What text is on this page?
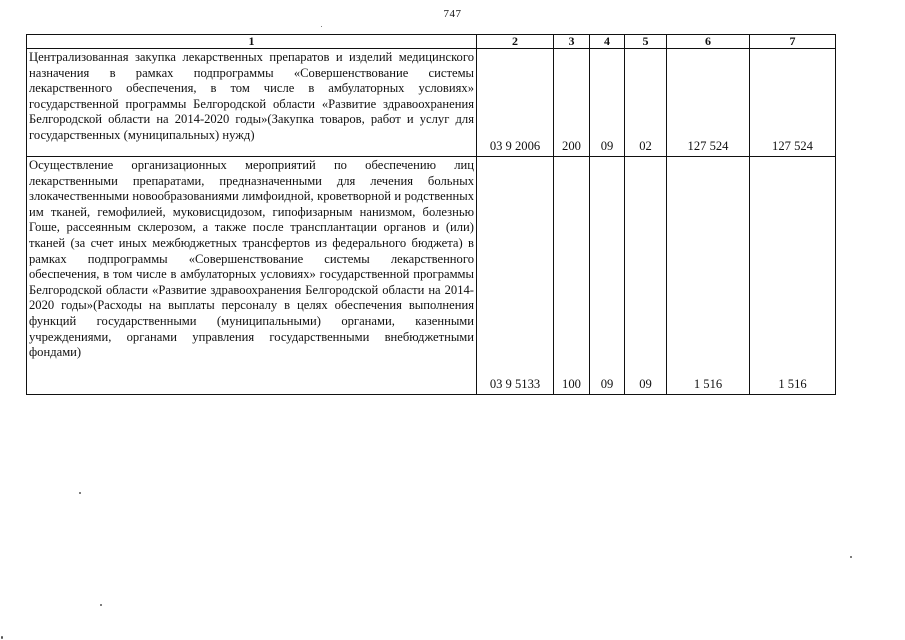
747
1	2	3	4	5	6	7
Централизованная закупка лекарственных препаратов и изделий медицинского назначения в рамках подпрограммы «Совершенствование системы лекарственного обеспечения, в том числе в амбулаторных условиях» государственной программы Белгородской области «Развитие здравоохранения Белгородской области на 2014-2020 годы»(Закупка товаров, работ и услуг для государственных (муниципальных) нужд)	03 9 2006	200	09	02	127 524	127 524
Осуществление организационных мероприятий по обеспечению лиц лекарственными препаратами, предназначенными для лечения больных злокачественными новообразованиями лимфоидной, кроветворной и родственных им тканей, гемофилией, муковисцидозом, гипофизарным нанизмом, болезнью Гоше, рассеянным склерозом, а также после трансплантации органов и (или) тканей (за счет иных межбюджетных трансфертов из федерального бюджета) в рамках подпрограммы «Совершенствование системы лекарственного обеспечения, в том числе в амбулаторных условиях» государственной программы Белгородской области «Развитие здравоохранения Белгородской области на 2014-2020 годы»(Расходы на выплаты персоналу в целях обеспечения выполнения функций государственными (муниципальными) органами, казенными учреждениями, органами управления государственными внебюджетными фондами)	03 9 5133	100	09	09	1 516	1 516
